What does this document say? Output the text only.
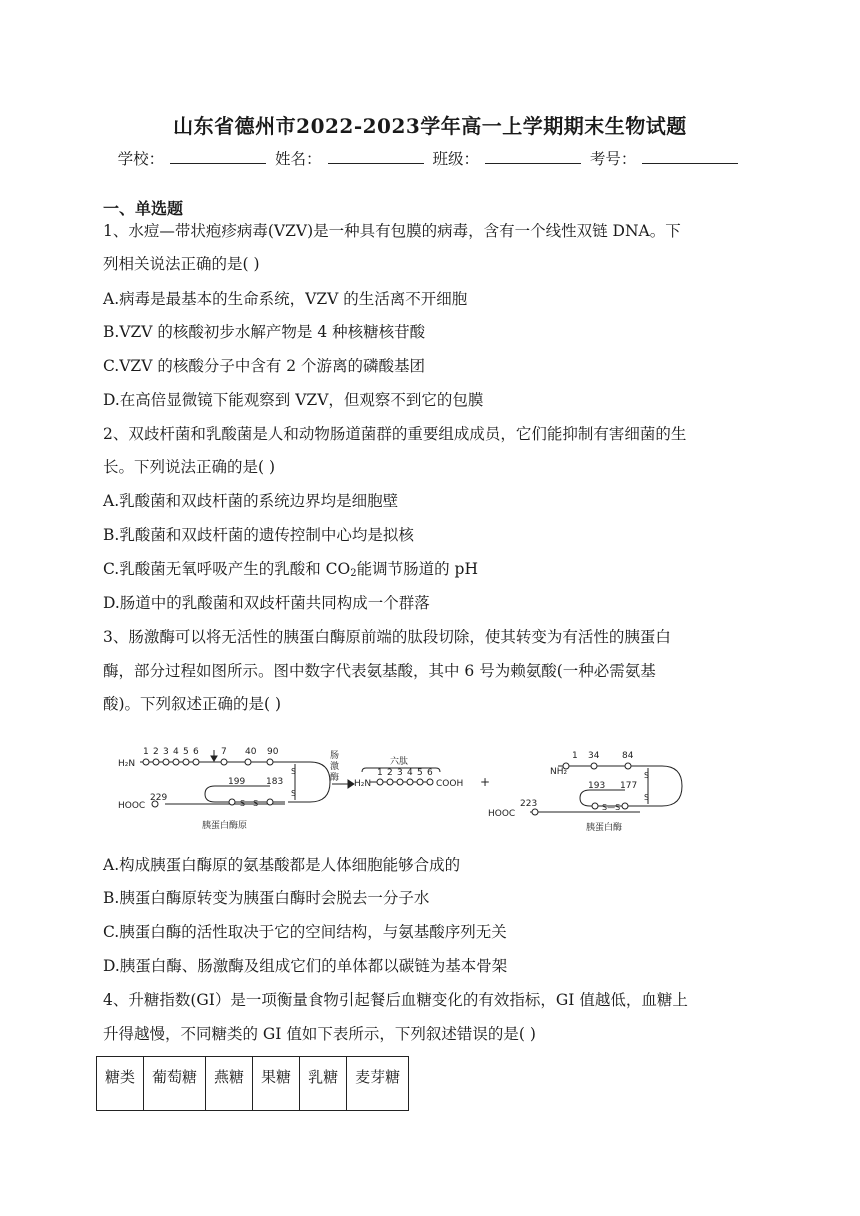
山东省德州市2022-2023学年高一上学期期末生物试题
学校：	姓名：	班级：	考号：
一、单选题
1、水痘—带状疱疹病毒(VZV)是一种具有包膜的病毒，含有一个线性双链 DNA。下
列相关说法正确的是( )
A.病毒是最基本的生命系统，VZV 的生活离不开细胞
B.VZV 的核酸初步水解产物是 4 种核糖核苷酸
C.VZV 的核酸分子中含有 2 个游离的磷酸基团
D.在高倍显微镜下能观察到 VZV，但观察不到它的包膜
2、双歧杆菌和乳酸菌是人和动物肠道菌群的重要组成成员，它们能抑制有害细菌的生
长。下列说法正确的是( )
A.乳酸菌和双歧杆菌的系统边界均是细胞壁
B.乳酸菌和双歧杆菌的遗传控制中心均是拟核
C.乳酸菌无氧呼吸产生的乳酸和 $CO_2$能调节肠道的 pH
D.肠道中的乳酸菌和双歧杆菌共同构成一个群落
3、肠激酶可以将无活性的胰蛋白酶原前端的肽段切除，使其转变为有活性的胰蛋白
酶，部分过程如图所示。图中数字代表氨基酸，其中 6 号为赖氨酸(一种必需氨基
酸)。下列叙述正确的是( )
H₂N
1 2 3 4 5 6 7 40 90
199 183
S—S
S
S
HOOC
229
胰蛋白酶原
肠
激
酶
六肽
H₂N
1 2 3 4 5 6
COOH +
NH₂
1 34	84
193 177
S—S
S
S
HOOC
223
胰蛋白酶
A.构成胰蛋白酶原的氨基酸都是人体细胞能够合成的
B.胰蛋白酶原转变为胰蛋白酶时会脱去一分子水
C.胰蛋白酶的活性取决于它的空间结构，与氨基酸序列无关
D.胰蛋白酶、肠激酶及组成它们的单体都以碳链为基本骨架
4、升糖指数(GI）是一项衡量食物引起餐后血糖变化的有效指标，GI 值越低，血糖上
升得越慢，不同糖类的 GI 值如下表所示，下列叙述错误的是( )
糖类	葡萄糖	燕糖	果糖	乳糖	麦芽糖
